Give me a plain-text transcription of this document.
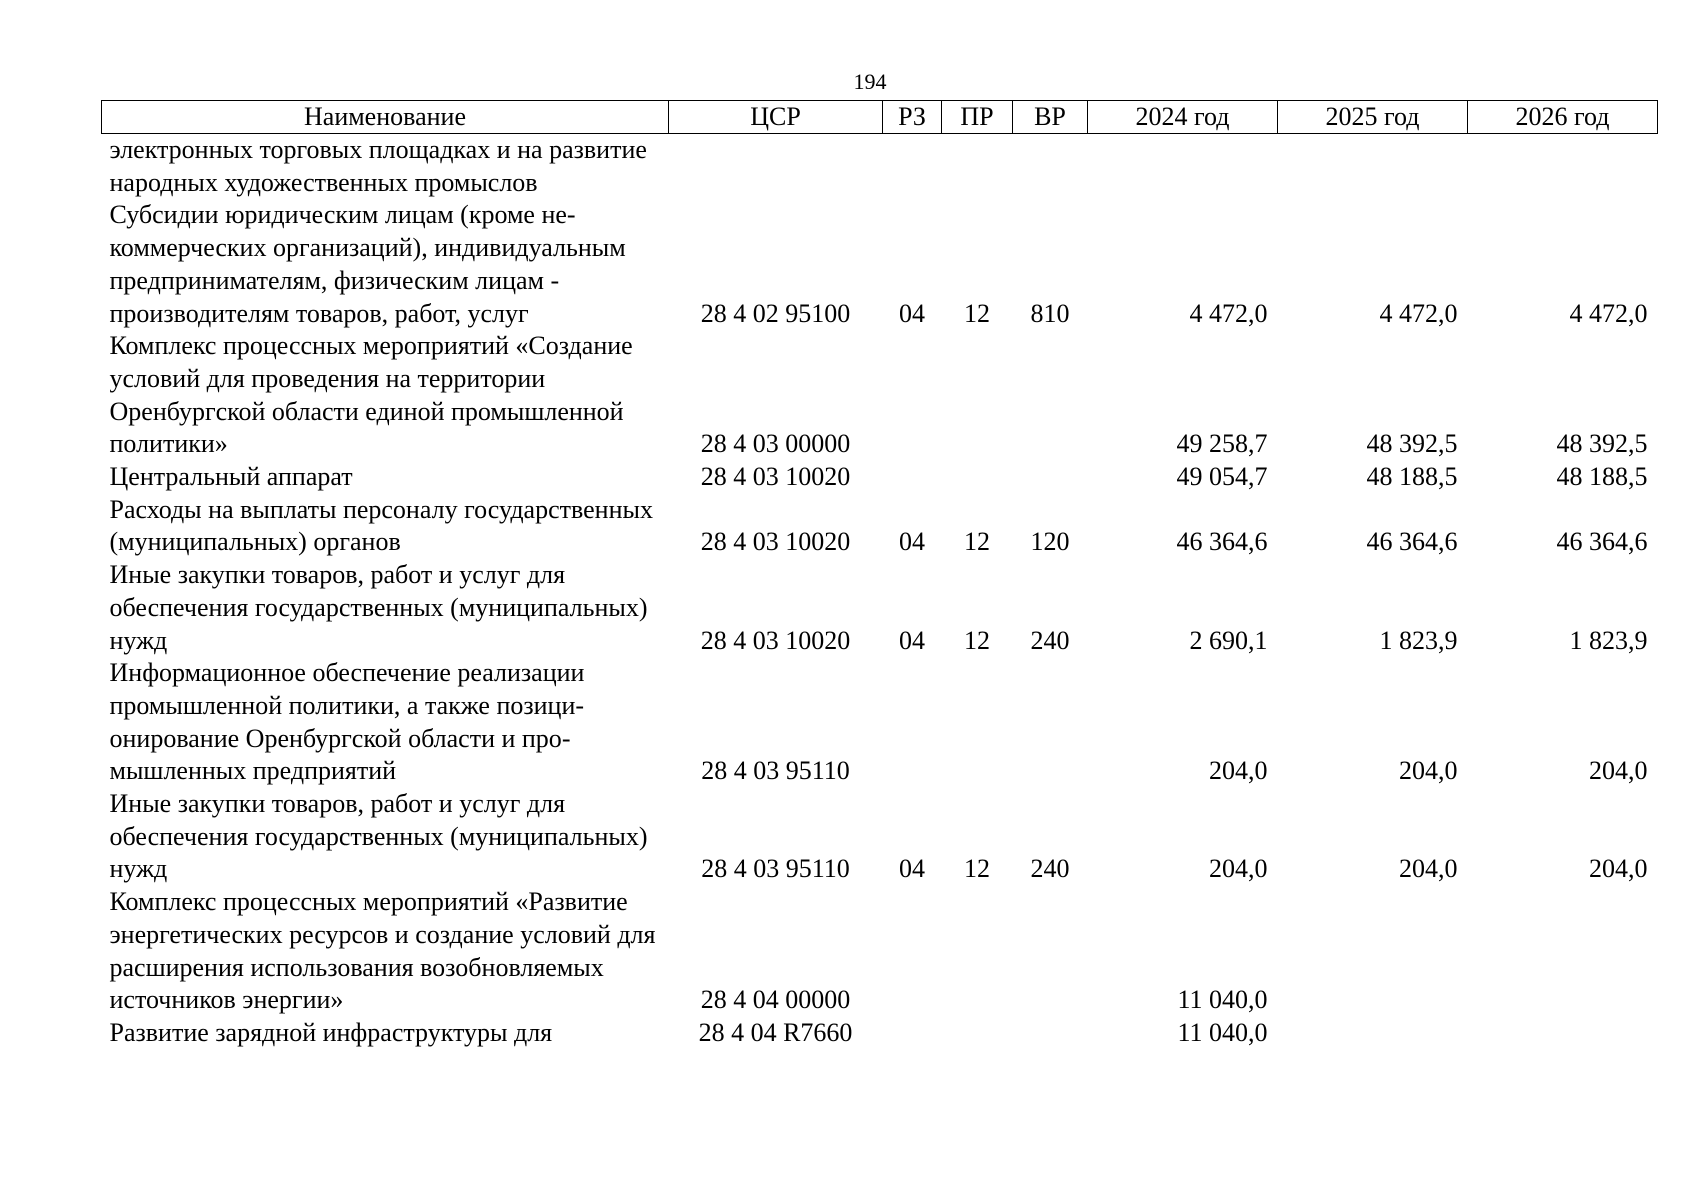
194
Наименование	ЦСР	РЗ	ПР	ВР	2024 год	2025 год	2026 год
электронных торговых площадках и на развитие народных художественных промыслов							
Субсидии юридическим лицам (кроме некоммерческих организаций), индивидуальным предпринимателям, физическим лицам - производителям товаров, работ, услуг	28 4 02 95100	04	12	810	4 472,0	4 472,0	4 472,0
Комплекс процессных мероприятий «Создание условий для проведения на территории Оренбургской области единой промышленной политики»	28 4 03 00000				49 258,7	48 392,5	48 392,5
Центральный аппарат	28 4 03 10020				49 054,7	48 188,5	48 188,5
Расходы на выплаты персоналу государственных (муниципальных) органов	28 4 03 10020	04	12	120	46 364,6	46 364,6	46 364,6
Иные закупки товаров, работ и услуг для обеспечения государственных (муниципальных) нужд	28 4 03 10020	04	12	240	2 690,1	1 823,9	1 823,9
Информационное обеспечение реализации промышленной политики, а также позиционирование Оренбургской области и промышленных предприятий	28 4 03 95110				204,0	204,0	204,0
Иные закупки товаров, работ и услуг для обеспечения государственных (муниципальных) нужд	28 4 03 95110	04	12	240	204,0	204,0	204,0
Комплекс процессных мероприятий «Развитие энергетических ресурсов и создание условий для расширения использования возобновляемых источников энергии»	28 4 04 00000				11 040,0		
Развитие зарядной инфраструктуры для	28 4 04 R7660				11 040,0		
